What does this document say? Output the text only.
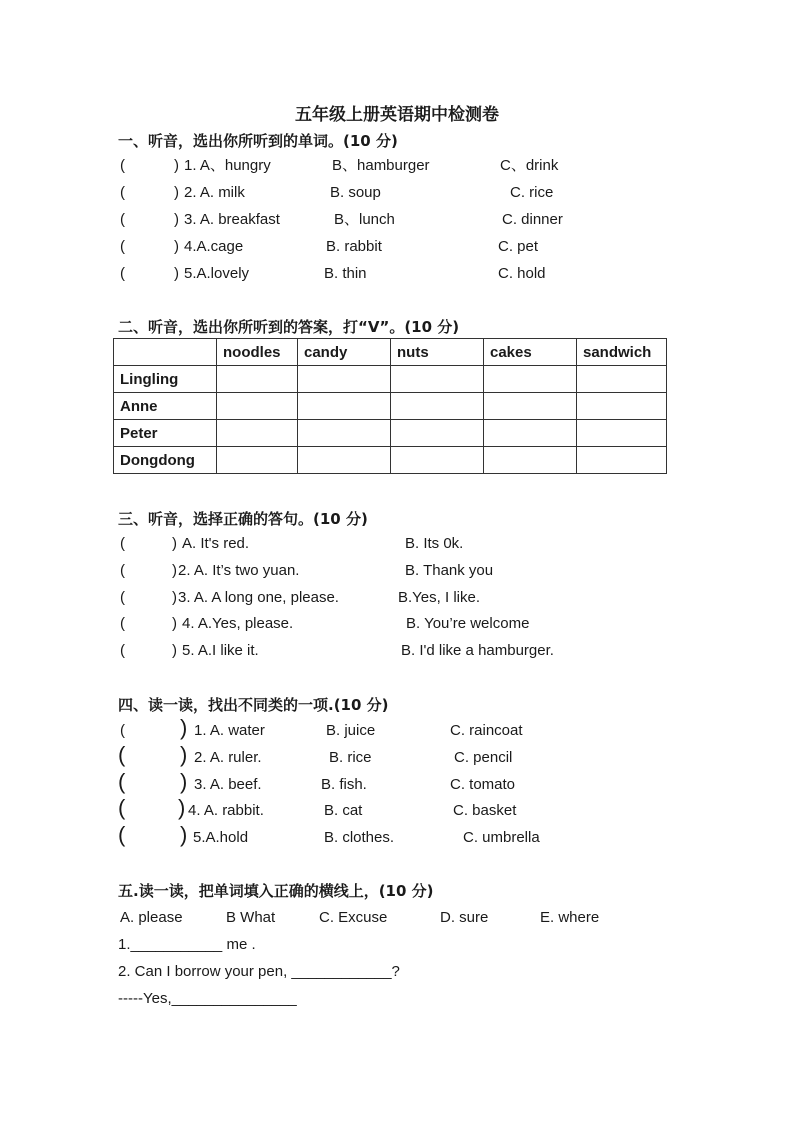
五年级上册英语期中检测卷
一、听音，选出你所听到的单词。(10 分)
(	) 1. A、hungry	B、hamburger	C、drink
(	) 2. A. milk	B. soup	C. rice
(	) 3. A. breakfast	B、lunch	C. dinner
(	) 4.A.cage	B. rabbit	C. pet
(	) 5.A.lovely	B. thin	C. hold
二、听音，选出你所听到的答案，打“V”。(10 分)
	noodles	candy	nuts	cakes	sandwich
Lingling					
Anne					
Peter					
Dongdong					
三、听音，选择正确的答句。(10 分)
(	) A. It's red.	B. Its 0k.
(	) 2. A. It’s two yuan.	B. Thank you
(	) 3. A. A long one, please.	B.Yes, I like.
(	) 4. A.Yes, please.	B. You’re welcome
(	) 5. A.I like it.	B. I'd like a hamburger.
四、读一读，找出不同类的一项.(10 分)
(	) 1. A. water	B. juice	C. raincoat
( ) 2. A. ruler.	B. rice	C. pencil
( ) 3. A. beef.	B. fish.	C. tomato
( ) 4. A. rabbit.	B. cat	C. basket
( ) 5.A.hold	B. clothes.	C. umbrella
五.读一读，把单词填入正确的横线上，(10 分)
A. please	B What	C. Excuse	D. sure	E. where
1.___________ me .
2. Can I borrow your pen, ____________?
-----Yes,_______________
